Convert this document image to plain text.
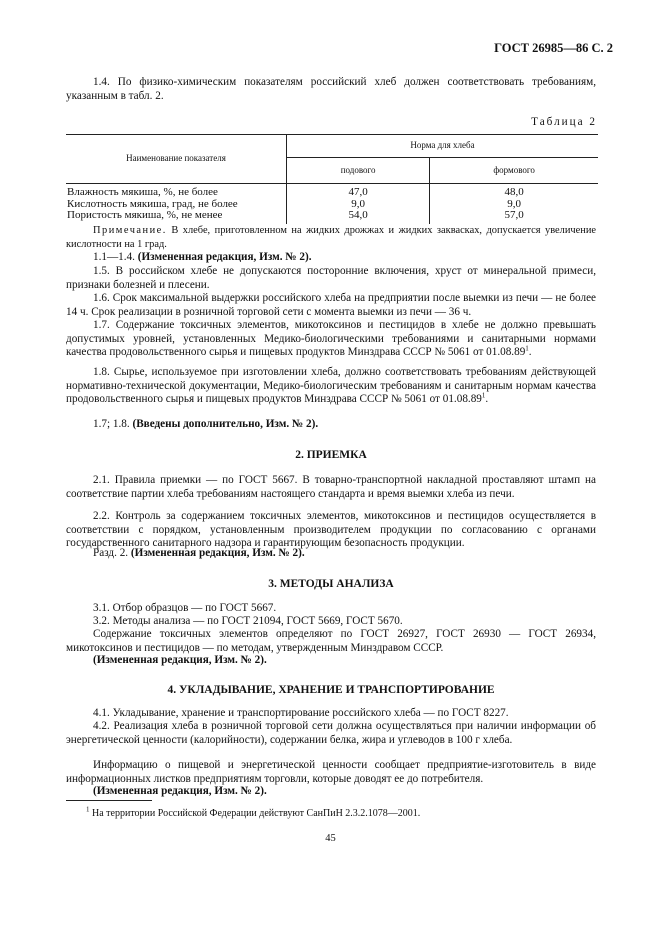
ГОСТ 26985—86 С. 2

1.4. По физико-химическим показателям российский хлеб должен соответствовать требованиям, указанным в табл. 2.

Таблица 2
Наименование показателя	Норма для хлеба	
	подового	формового
Влажность мякиша, %, не более	47,0	48,0
Кислотность мякиша, град, не более	9,0	9,0
Пористость мякиша, %, не менее	54,0	57,0

Примечание. В хлебе, приготовленном на жидких дрожжах и жидких заквасках, допускается увеличение кислотности на 1 град.

1.1—1.4. (Измененная редакция, Изм. № 2).

1.5. В российском хлебе не допускаются посторонние включения, хруст от минеральной примеси, признаки болезней и плесени.

1.6. Срок максимальной выдержки российского хлеба на предприятии после выемки из печи — не более 14 ч. Срок реализации в розничной торговой сети с момента выемки из печи — 36 ч.

1.7. Содержание токсичных элементов, микотоксинов и пестицидов в хлебе не должно превышать допустимых уровней, установленных Медико-биологическими требованиями и санитарными нормами качества продовольственного сырья и пищевых продуктов Минздрава СССР № 5061 от 01.08.89$^1$.

1.8. Сырье, используемое при изготовлении хлеба, должно соответствовать требованиям действующей нормативно-технической документации, Медико-биологическим требованиям и санитарным нормам качества продовольственного сырья и пищевых продуктов Минздрава СССР № 5061 от 01.08.89$^1$.

1.7; 1.8. (Введены дополнительно, Изм. № 2).

2. ПРИЕМКА

2.1. Правила приемки — по ГОСТ 5667. В товарно-транспортной накладной проставляют штамп на соответствие партии хлеба требованиям настоящего стандарта и время выемки хлеба из печи.

2.2. Контроль за содержанием токсичных элементов, микотоксинов и пестицидов осуществляется в соответствии с порядком, установленным производителем продукции по согласованию с органами государственного санитарного надзора и гарантирующим безопасность продукции.

Разд. 2. (Измененная редакция, Изм. № 2).

3. МЕТОДЫ АНАЛИЗА

3.1. Отбор образцов — по ГОСТ 5667.

3.2. Методы анализа — по ГОСТ 21094, ГОСТ 5669, ГОСТ 5670.

Содержание токсичных элементов определяют по ГОСТ 26927, ГОСТ 26930 — ГОСТ 26934, микотоксинов и пестицидов — по методам, утвержденным Минздравом СССР.

(Измененная редакция, Изм. № 2).

4. УКЛАДЫВАНИЕ, ХРАНЕНИЕ И ТРАНСПОРТИРОВАНИЕ

4.1. Укладывание, хранение и транспортирование российского хлеба — по ГОСТ 8227.

4.2. Реализация хлеба в розничной торговой сети должна осуществляться при наличии информации об энергетической ценности (калорийности), содержании белка, жира и углеводов в 100 г хлеба.

Информацию о пищевой и энергетической ценности сообщает предприятие-изготовитель в виде информационных листков предприятиям торговли, которые доводят ее до потребителя.

(Измененная редакция, Изм. № 2).

$^1$ На территории Российской Федерации действуют СанПиН 2.3.2.1078—2001.
45
